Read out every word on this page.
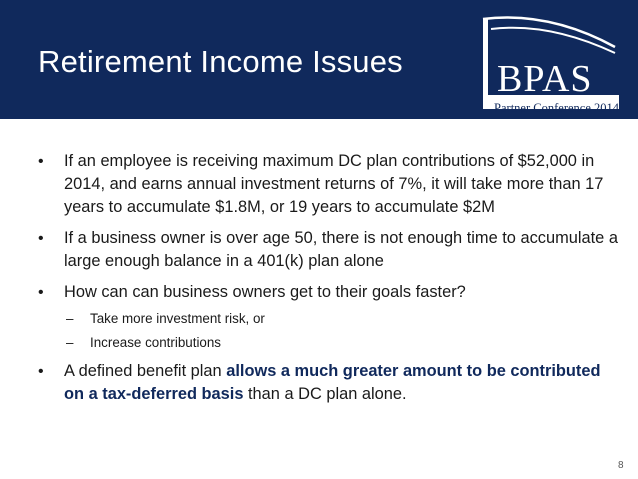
Retirement Income Issues BPAS
Partner Conference 2014
•	If an employee is receiving maximum DC plan contributions of $52,000 in 2014, and earns annual investment returns of 7%, it will take more than 17 years to accumulate $1.8M, or 19 years to accumulate $2M
•	If a business owner is over age 50, there is not enough time to accumulate a large enough balance in a 401(k) plan alone
•	How can can business owners get to their goals faster?
– Take more investment risk, or
– Increase contributions
•	A defined benefit plan allows a much greater amount to be contributed on a tax-deferred basis than a DC plan alone.
8
